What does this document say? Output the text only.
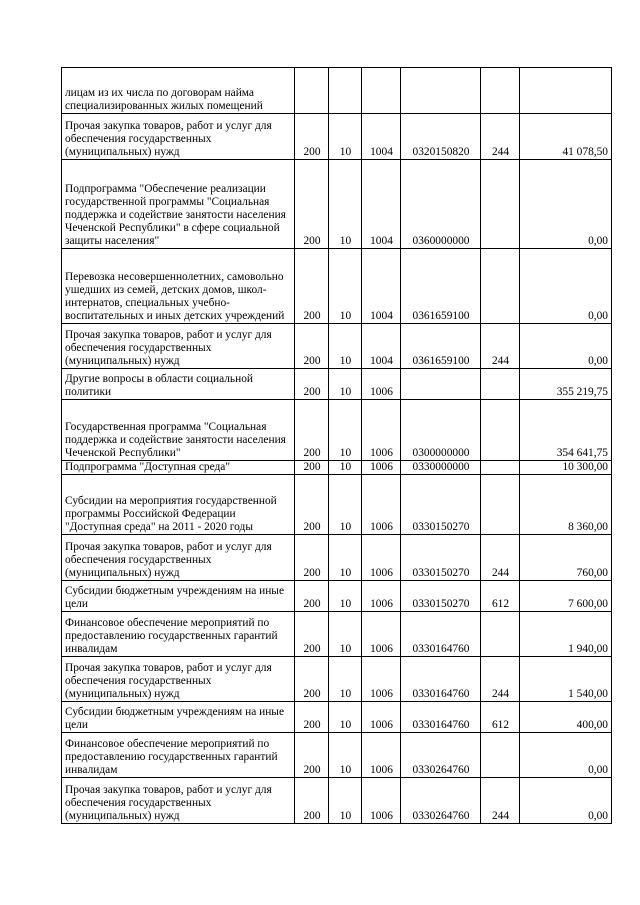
лицам из их числа по договорам найма специализированных жилых помещений						
Прочая закупка товаров, работ и услуг для обеспечения государственных (муниципальных) нужд	200	10	1004	0320150820	244	41 078,50
Подпрограмма "Обеспечение реализации государственной программы "Социальная поддержка и содействие занятости населения Чеченской Республики" в сфере социальной защиты населения"	200	10	1004	0360000000		0,00
Перевозка несовершеннолетних, самовольно ушедших из семей, детских домов, школ-интернатов, специальных учебно-воспитательных и иных детских учреждений	200	10	1004	0361659100		0,00
Прочая закупка товаров, работ и услуг для обеспечения государственных (муниципальных) нужд	200	10	1004	0361659100	244	0,00
Другие вопросы в области социальной политики	200	10	1006			355 219,75
Государственная программа "Социальная поддержка и содействие занятости населения Чеченской Республики"	200	10	1006	0300000000		354 641,75
Подпрограмма "Доступная среда"	200	10	1006	0330000000		10 300,00
Субсидии на мероприятия государственной программы Российской Федерации "Доступная среда" на 2011 - 2020 годы	200	10	1006	0330150270		8 360,00
Прочая закупка товаров, работ и услуг для обеспечения государственных (муниципальных) нужд	200	10	1006	0330150270	244	760,00
Субсидии бюджетным учреждениям на иные цели	200	10	1006	0330150270	612	7 600,00
Финансовое обеспечение мероприятий по предоставлению государственных гарантий инвалидам	200	10	1006	0330164760		1 940,00
Прочая закупка товаров, работ и услуг для обеспечения государственных (муниципальных) нужд	200	10	1006	0330164760	244	1 540,00
Субсидии бюджетным учреждениям на иные цели	200	10	1006	0330164760	612	400,00
Финансовое обеспечение мероприятий по предоставлению государственных гарантий инвалидам	200	10	1006	0330264760		0,00
Прочая закупка товаров, работ и услуг для обеспечения государственных (муниципальных) нужд	200	10	1006	0330264760	244	0,00
